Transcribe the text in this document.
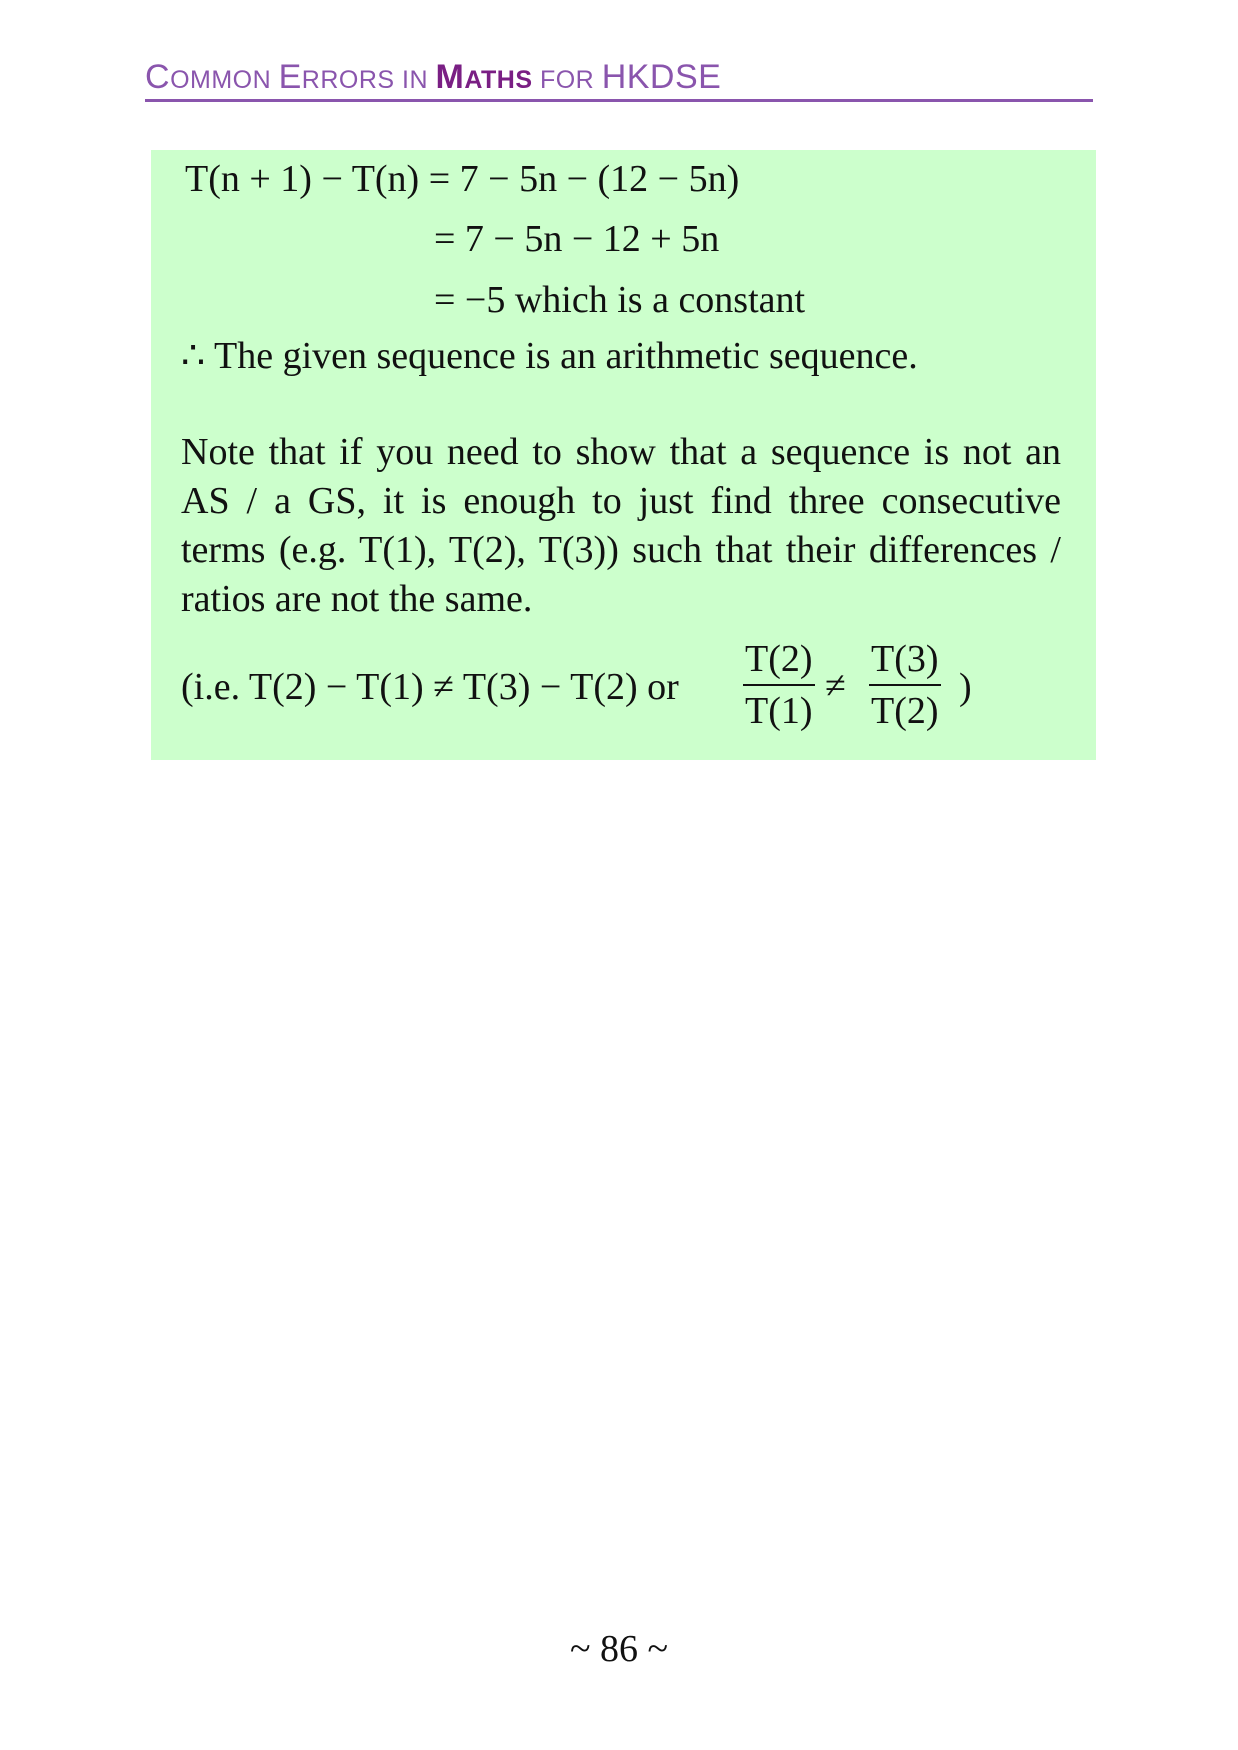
COMMON ERRORS IN MATHS FOR HKDSE
T(n + 1) − T(n) = 7 − 5n − (12 − 5n)
= 7 − 5n − 12 + 5n
= −5 which is a constant
∴ The given sequence is an arithmetic sequence.
Note that if you need to show that a sequence is not an AS / a GS, it is enough to just find three consecutive terms (e.g. T(1), T(2), T(3)) such that their differences / ratios are not the same.
(i.e. T(2) − T(1) ≠ T(3) − T(2) or $\frac{T(2)}{T(1)} \ne \frac{T(3)}{T(2)}$ )
~ 86 ~
